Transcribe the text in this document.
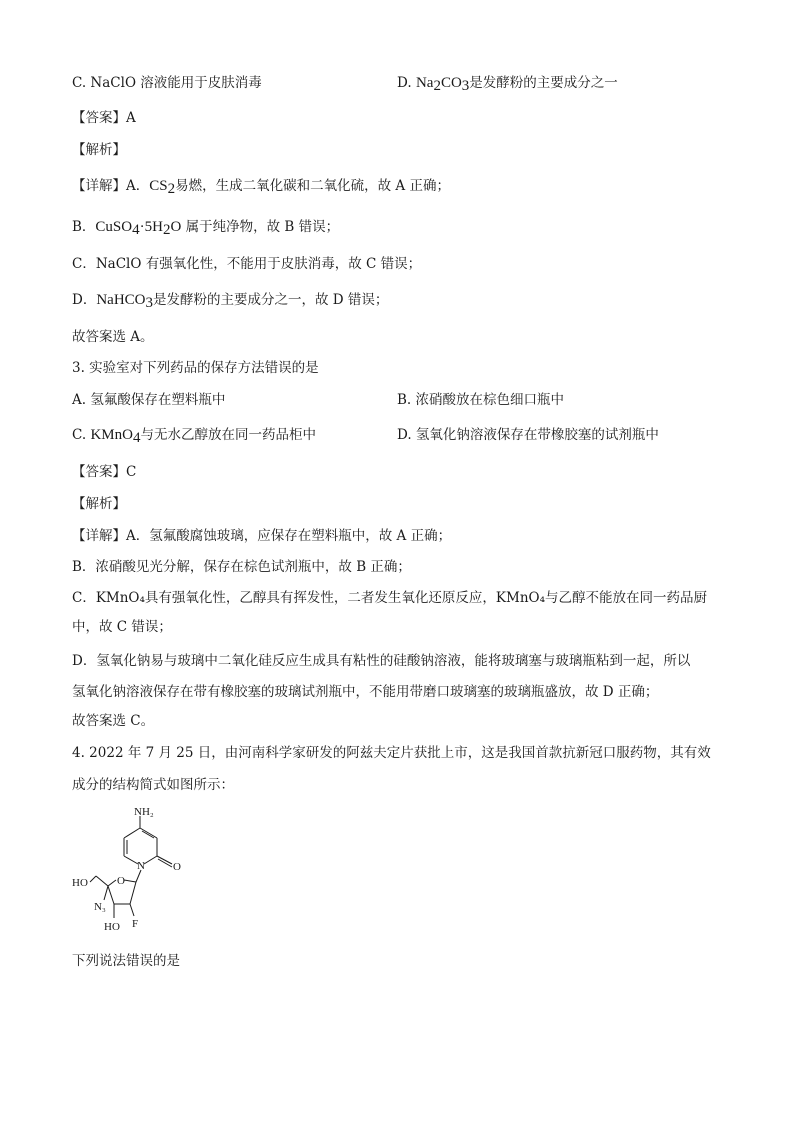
C. NaClO 溶液能用于皮肤消毒	D. $Na_2CO_3$是发酵粉的主要成分之一
【答案】A
【解析】
【详解】A．$CS_2$易燃，生成二氧化碳和二氧化硫，故 A 正确；
B．$CuSO_4\cdot 5H_2O$ 属于纯净物，故 B 错误；
C．NaClO 有强氧化性，不能用于皮肤消毒，故 C 错误；
D．NaHCO$_3$是发酵粉的主要成分之一，故 D 错误；
故答案选 A。
3. 实验室对下列药品的保存方法错误的是
A. 氢氟酸保存在塑料瓶中	B. 浓硝酸放在棕色细口瓶中
C. KMnO$_4$与无水乙醇放在同一药品柜中	D. 氢氧化钠溶液保存在带橡胶塞的试剂瓶中
【答案】C
【解析】
【详解】A．氢氟酸腐蚀玻璃，应保存在塑料瓶中，故 A 正确；
B．浓硝酸见光分解，保存在棕色试剂瓶中，故 B 正确；
C．KMnO₄具有强氧化性，乙醇具有挥发性，二者发生氧化还原反应，KMnO₄与乙醇不能放在同一药品厨
中，故 C 错误；
D．氢氧化钠易与玻璃中二氧化硅反应生成具有粘性的硅酸钠溶液，能将玻璃塞与玻璃瓶粘到一起，所以
氢氧化钠溶液保存在带有橡胶塞的玻璃试剂瓶中，不能用带磨口玻璃塞的玻璃瓶盛放，故 D 正确；
故答案选 C。
4. 2022 年 7 月 25 日，由河南科学家研发的阿兹夫定片获批上市，这是我国首款抗新冠口服药物，其有效
成分的结构简式如图所示：
NH₂
N	O
O
HO
N₃
HO F
下列说法错误的是
